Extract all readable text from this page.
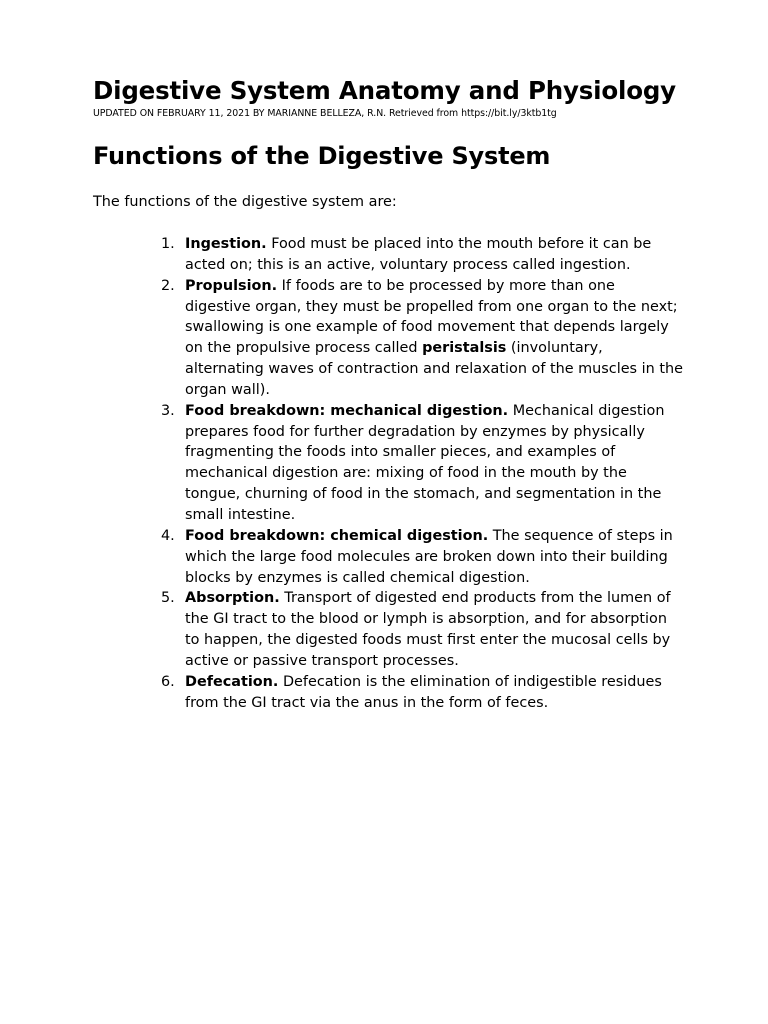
Digestive System Anatomy and Physiology

UPDATED ON FEBRUARY 11, 2021 BY MARIANNE BELLEZA, R.N. Retrieved from https://bit.ly/3ktb1tg

Functions of the Digestive System

The functions of the digestive system are:

1. Ingestion. Food must be placed into the mouth before it can be acted on; this is an active, voluntary process called ingestion.
2. Propulsion. If foods are to be processed by more than one digestive organ, they must be propelled from one organ to the next; swallowing is one example of food movement that depends largely on the propulsive process called peristalsis (involuntary, alternating waves of contraction and relaxation of the muscles in the organ wall).
3. Food breakdown: mechanical digestion. Mechanical digestion prepares food for further degradation by enzymes by physically fragmenting the foods into smaller pieces, and examples of mechanical digestion are: mixing of food in the mouth by the tongue, churning of food in the stomach, and segmentation in the small intestine.
4. Food breakdown: chemical digestion. The sequence of steps in which the large food molecules are broken down into their building blocks by enzymes is called chemical digestion.
5. Absorption. Transport of digested end products from the lumen of the GI tract to the blood or lymph is absorption, and for absorption to happen, the digested foods must first enter the mucosal cells by active or passive transport processes.
6. Defecation. Defecation is the elimination of indigestible residues from the GI tract via the anus in the form of feces.
